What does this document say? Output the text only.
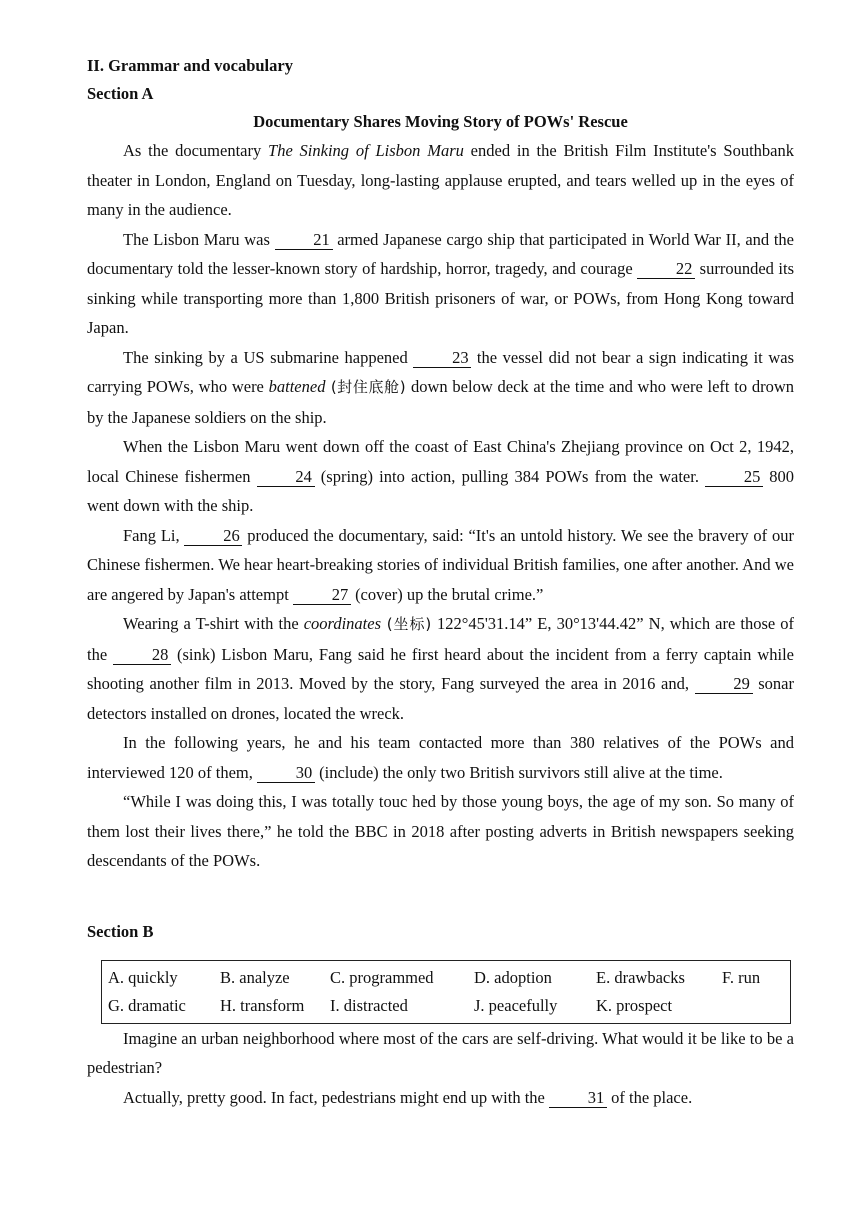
II. Grammar and vocabulary

Section A

Documentary Shares Moving Story of POWs' Rescue

As the documentary The Sinking of Lisbon Maru ended in the British Film Institute's Southbank theater in London, England on Tuesday, long-lasting applause erupted, and tears welled up in the eyes of many in the audience.

The Lisbon Maru was 21 armed Japanese cargo ship that participated in World War II, and the documentary told the lesser-known story of hardship, horror, tragedy, and courage 22 surrounded its sinking while transporting more than 1,800 British prisoners of war, or POWs, from Hong Kong toward Japan.

The sinking by a US submarine happened 23 the vessel did not bear a sign indicating it was carrying POWs, who were battened (封住底舱) down below deck at the time and who were left to drown by the Japanese soldiers on the ship.

When the Lisbon Maru went down off the coast of East China's Zhejiang province on Oct 2, 1942, local Chinese fishermen 24 (spring) into action, pulling 384 POWs from the water. 25 800 went down with the ship.

Fang Li, 26 produced the documentary, said: “It's an untold history. We see the bravery of our Chinese fishermen. We hear heart-breaking stories of individual British families, one after another. And we are angered by Japan's attempt 27 (cover) up the brutal crime.”

Wearing a T-shirt with the coordinates (坐标) 122°45'31.14” E, 30°13'44.42” N, which are those of the 28 (sink) Lisbon Maru, Fang said he first heard about the incident from a ferry captain while shooting another film in 2013. Moved by the story, Fang surveyed the area in 2016 and, 29 sonar detectors installed on drones, located the wreck.

In the following years, he and his team contacted more than 380 relatives of the POWs and interviewed 120 of them, 30 (include) the only two British survivors still alive at the time.

“While I was doing this, I was totally touc hed by those young boys, the age of my son. So many of them lost their lives there,” he told the BBC in 2018 after posting adverts in British newspapers seeking descendants of the POWs.

Section B

A. quickly	B. analyze	C. programmed	D. adoption	E. drawbacks	F. run
G. dramatic	H. transform	I. distracted	J. peacefully	K. prospect

Imagine an urban neighborhood where most of the cars are self-driving. What would it be like to be a pedestrian?

Actually, pretty good. In fact, pedestrians might end up with the 31 of the place.
